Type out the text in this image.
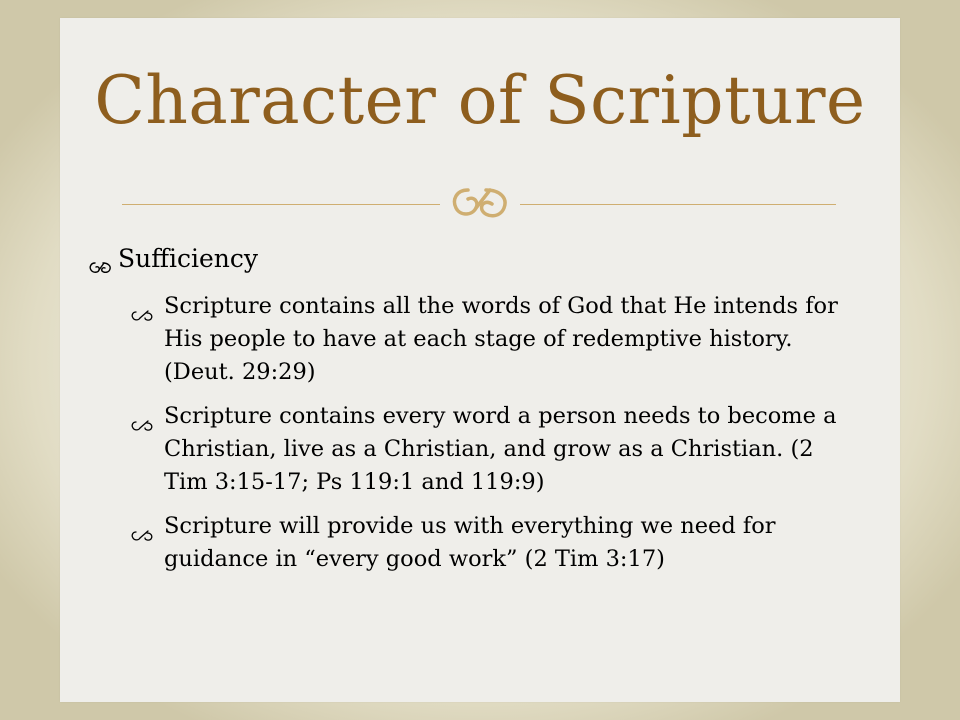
Character of Scripture
Sufficiency
Scripture contains all the words of God that He intends for His people to have at each stage of redemptive history. (Deut. 29:29)
Scripture contains every word a person needs to become a Christian, live as a Christian, and grow as a Christian. (2 Tim 3:15-17; Ps 119:1 and 119:9)
Scripture will provide us with everything we need for guidance in “every good work” (2 Tim 3:17)
